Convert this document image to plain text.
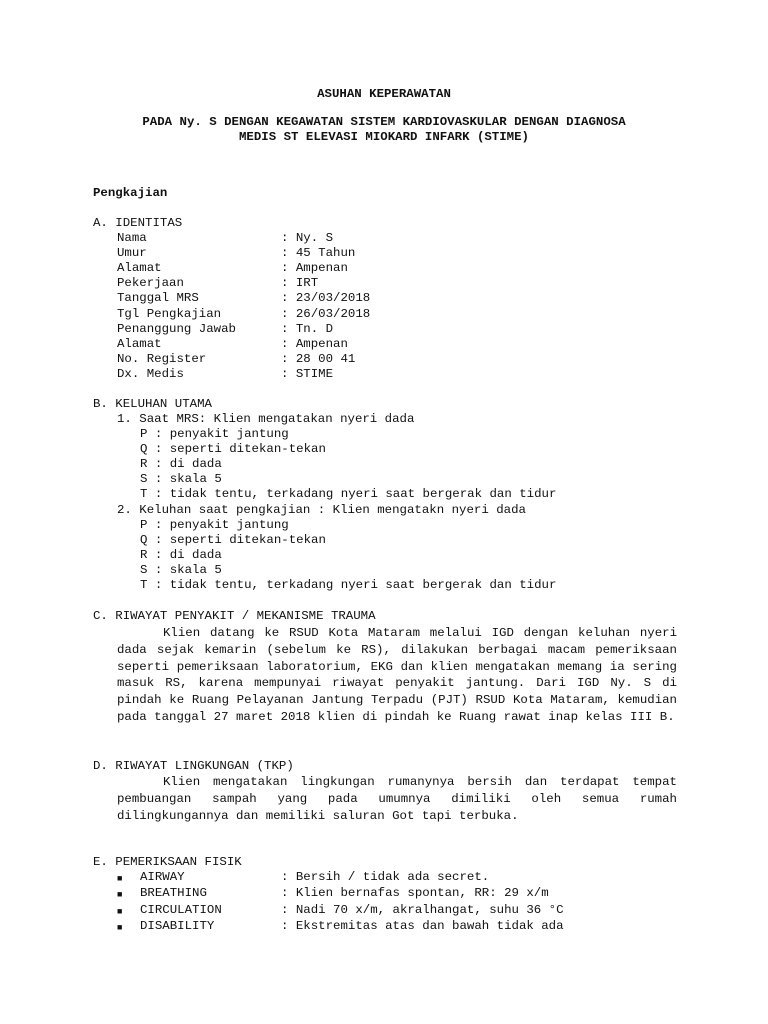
ASUHAN KEPERAWATAN
PADA Ny. S DENGAN KEGAWATAN SISTEM KARDIOVASKULAR DENGAN DIAGNOSA
MEDIS ST ELEVASI MIOKARD INFARK (STIME)
Pengkajian
A. IDENTITAS
Nama	: Ny. S
Umur	: 45 Tahun
Alamat	: Ampenan
Pekerjaan	: IRT
Tanggal MRS	: 23/03/2018
Tgl Pengkajian	: 26/03/2018
Penanggung Jawab	: Tn. D
Alamat	: Ampenan
No. Register	: 28 00 41
Dx. Medis	: STIME
B. KELUHAN UTAMA
1. Saat MRS: Klien mengatakan nyeri dada
P : penyakit jantung
Q : seperti ditekan-tekan
R : di dada
S : skala 5
T : tidak tentu, terkadang nyeri saat bergerak dan tidur
2. Keluhan saat pengkajian : Klien mengatakn nyeri dada
P : penyakit jantung
Q : seperti ditekan-tekan
R : di dada
S : skala 5
T : tidak tentu, terkadang nyeri saat bergerak dan tidur
C. RIWAYAT PENYAKIT / MEKANISME TRAUMA
Klien datang ke RSUD Kota Mataram melalui IGD dengan keluhan nyeri dada sejak kemarin (sebelum ke RS), dilakukan berbagai macam pemeriksaan seperti pemeriksaan laboratorium, EKG dan klien mengatakan memang ia sering masuk RS, karena mempunyai riwayat penyakit jantung. Dari IGD Ny. S di pindah ke Ruang Pelayanan Jantung Terpadu (PJT) RSUD Kota Mataram, kemudian pada tanggal 27 maret 2018 klien di pindah ke Ruang rawat inap kelas III B.
D. RIWAYAT LINGKUNGAN (TKP)
Klien mengatakan lingkungan rumanynya bersih dan terdapat tempat pembuangan sampah yang pada umumnya dimiliki oleh semua rumah dilingkungannya dan memiliki saluran Got tapi terbuka.
E. PEMERIKSAAN FISIK
■ AIRWAY	: Bersih / tidak ada secret.
■ BREATHING	: Klien bernafas spontan, RR: 29 x/m
■ CIRCULATION	: Nadi 70 x/m, akralhangat, suhu 36 °C
■ DISABILITY	: Ekstremitas atas dan bawah tidak ada
